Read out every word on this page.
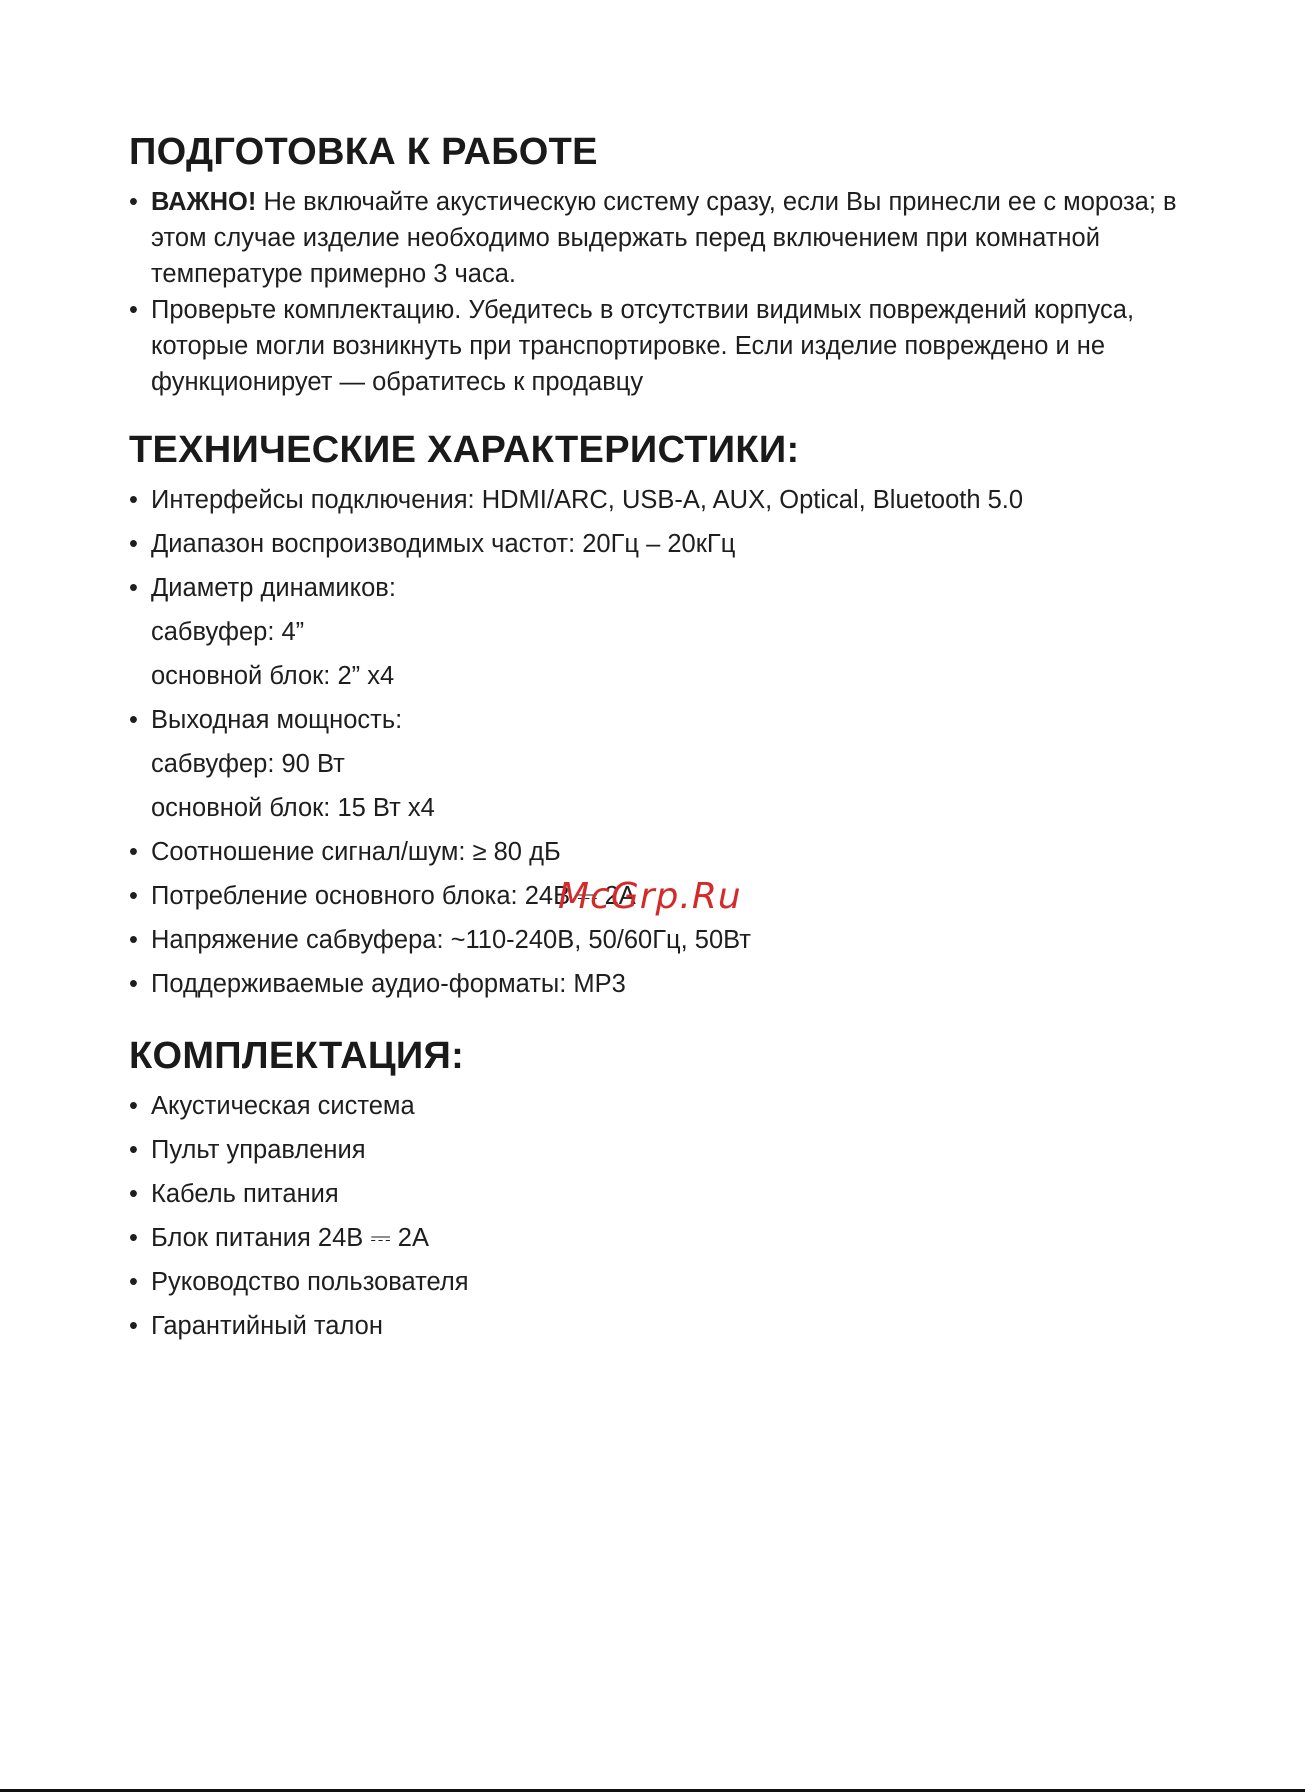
ПОДГОТОВКА К РАБОТЕ

• ВАЖНО! Не включайте акустическую систему сразу, если Вы принесли ее с мороза; в этом случае изделие необходимо выдержать перед включением при комнатной температуре примерно 3 часа.

• Проверьте комплектацию. Убедитесь в отсутствии видимых повреждений корпуса, которые могли возникнуть при транспортировке. Если изделие повреждено и не функционирует — обратитесь к продавцу

ТЕХНИЧЕСКИЕ ХАРАКТЕРИСТИКИ:

• Интерфейсы подключения: HDMI/ARC, USB-A, AUX, Optical, Bluetooth 5.0

• Диапазон воспроизводимых частот: 20Гц – 20кГц

• Диаметр динамиков:

сабвуфер: 4”

основной блок: 2” x4

• Выходная мощность:

сабвуфер: 90 Вт

основной блок: 15 Вт x4

• Соотношение сигнал/шум: ≥ 80 дБ

• Потребление основного блока: 24В ⎓ 2А

• Напряжение сабвуфера: ~110-240В, 50/60Гц, 50Вт

• Поддерживаемые аудио-форматы: MP3

КОМПЛЕКТАЦИЯ:

• Акустическая система

• Пульт управления

• Кабель питания

• Блок питания 24В ⎓ 2А

• Руководство пользователя

• Гарантийный талон

McGrp.Ru
